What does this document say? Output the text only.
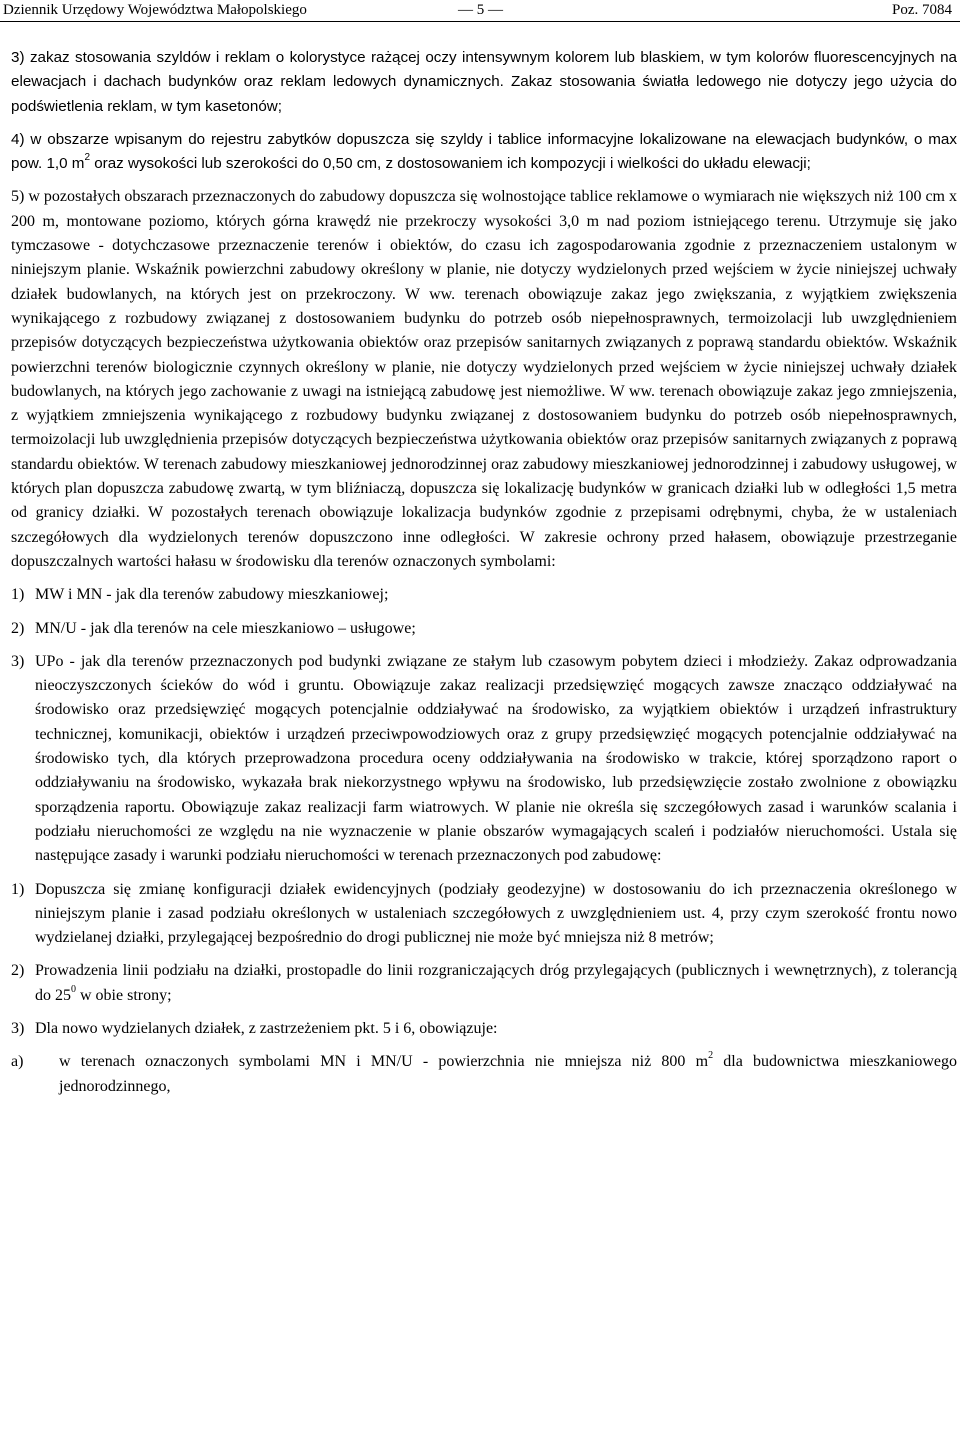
Dziennik Urzędowy Województwa Małopolskiego	— 5 —	Poz. 7084

3) zakaz stosowania szyldów i reklam o kolorystyce rażącej oczy intensywnym kolorem lub blaskiem, w tym kolorów fluorescencyjnych na elewacjach i dachach budynków oraz reklam ledowych dynamicznych. Zakaz stosowania światła ledowego nie dotyczy jego użycia do podświetlenia reklam, w tym kasetonów;

4) w obszarze wpisanym do rejestru zabytków dopuszcza się szyldy i tablice informacyjne lokalizowane na elewacjach budynków, o max pow. 1,0 $m^2$ oraz wysokości lub szerokości do 0,50 cm, z dostosowaniem ich kompozycji i wielkości do układu elewacji;

5) w pozostałych obszarach przeznaczonych do zabudowy dopuszcza się wolnostojące tablice reklamowe o wymiarach nie większych niż 100 cm x 200 m, montowane poziomo, których górna krawędź nie przekroczy wysokości 3,0 m nad poziom istniejącego terenu. Utrzymuje się jako tymczasowe - dotychczasowe przeznaczenie terenów i obiektów, do czasu ich zagospodarowania zgodnie z przeznaczeniem ustalonym w niniejszym planie. Wskaźnik powierzchni zabudowy określony w planie, nie dotyczy wydzielonych przed wejściem w życie niniejszej uchwały działek budowlanych, na których jest on przekroczony. W ww. terenach obowiązuje zakaz jego zwiększania, z wyjątkiem zwiększenia wynikającego z rozbudowy związanej z dostosowaniem budynku do potrzeb osób niepełnosprawnych, termoizolacji lub uwzględnieniem przepisów dotyczących bezpieczeństwa użytkowania obiektów oraz przepisów sanitarnych związanych z poprawą standardu obiektów. Wskaźnik powierzchni terenów biologicznie czynnych określony w planie, nie dotyczy wydzielonych przed wejściem w życie niniejszej uchwały działek budowlanych, na których jego zachowanie z uwagi na istniejącą zabudowę jest niemożliwe. W ww. terenach obowiązuje zakaz jego zmniejszenia, z wyjątkiem zmniejszenia wynikającego z rozbudowy budynku związanej z dostosowaniem budynku do potrzeb osób niepełnosprawnych, termoizolacji lub uwzględnienia przepisów dotyczących bezpieczeństwa użytkowania obiektów oraz przepisów sanitarnych związanych z poprawą standardu obiektów. W terenach zabudowy mieszkaniowej jednorodzinnej oraz zabudowy mieszkaniowej jednorodzinnej i zabudowy usługowej, w których plan dopuszcza zabudowę zwartą, w tym bliźniaczą, dopuszcza się lokalizację budynków w granicach działki lub w odległości 1,5 metra od granicy działki. W pozostałych terenach obowiązuje lokalizacja budynków zgodnie z przepisami odrębnymi, chyba, że w ustaleniach szczegółowych dla wydzielonych terenów dopuszczono inne odległości. W zakresie ochrony przed hałasem, obowiązuje przestrzeganie dopuszczalnych wartości hałasu w środowisku dla terenów oznaczonych symbolami:

1) MW i MN - jak dla terenów zabudowy mieszkaniowej;

2) MN/U - jak dla terenów na cele mieszkaniowo – usługowe;

3) UPo - jak dla terenów przeznaczonych pod budynki związane ze stałym lub czasowym pobytem dzieci i młodzieży. Zakaz odprowadzania nieoczyszczonych ścieków do wód i gruntu. Obowiązuje zakaz realizacji przedsięwzięć mogących zawsze znacząco oddziaływać na środowisko oraz przedsięwzięć mogących potencjalnie oddziaływać na środowisko, za wyjątkiem obiektów i urządzeń infrastruktury technicznej, komunikacji, obiektów i urządzeń przeciwpowodziowych oraz z grupy przedsięwzięć mogących potencjalnie oddziaływać na środowisko tych, dla których przeprowadzona procedura oceny oddziaływania na środowisko w trakcie, której sporządzono raport o oddziaływaniu na środowisko, wykazała brak niekorzystnego wpływu na środowisko, lub przedsięwzięcie zostało zwolnione z obowiązku sporządzenia raportu. Obowiązuje zakaz realizacji farm wiatrowych. W planie nie określa się szczegółowych zasad i warunków scalania i podziału nieruchomości ze względu na nie wyznaczenie w planie obszarów wymagających scaleń i podziałów nieruchomości. Ustala się następujące zasady i warunki podziału nieruchomości w terenach przeznaczonych pod zabudowę:

1) Dopuszcza się zmianę konfiguracji działek ewidencyjnych (podziały geodezyjne) w dostosowaniu do ich przeznaczenia określonego w niniejszym planie i zasad podziału określonych w ustaleniach szczegółowych z uwzględnieniem ust. 4, przy czym szerokość frontu nowo wydzielanej działki, przylegającej bezpośrednio do drogi publicznej nie może być mniejsza niż 8 metrów;

2) Prowadzenia linii podziału na działki, prostopadle do linii rozgraniczających dróg przylegających (publicznych i wewnętrznych), z tolerancją do $25^0$ w obie strony;

3) Dla nowo wydzielanych działek, z zastrzeżeniem pkt. 5 i 6, obowiązuje:

a)	w terenach oznaczonych symbolami MN i MN/U - powierzchnia nie mniejsza niż 800 $m^2$ dla budownictwa mieszkaniowego jednorodzinnego,
